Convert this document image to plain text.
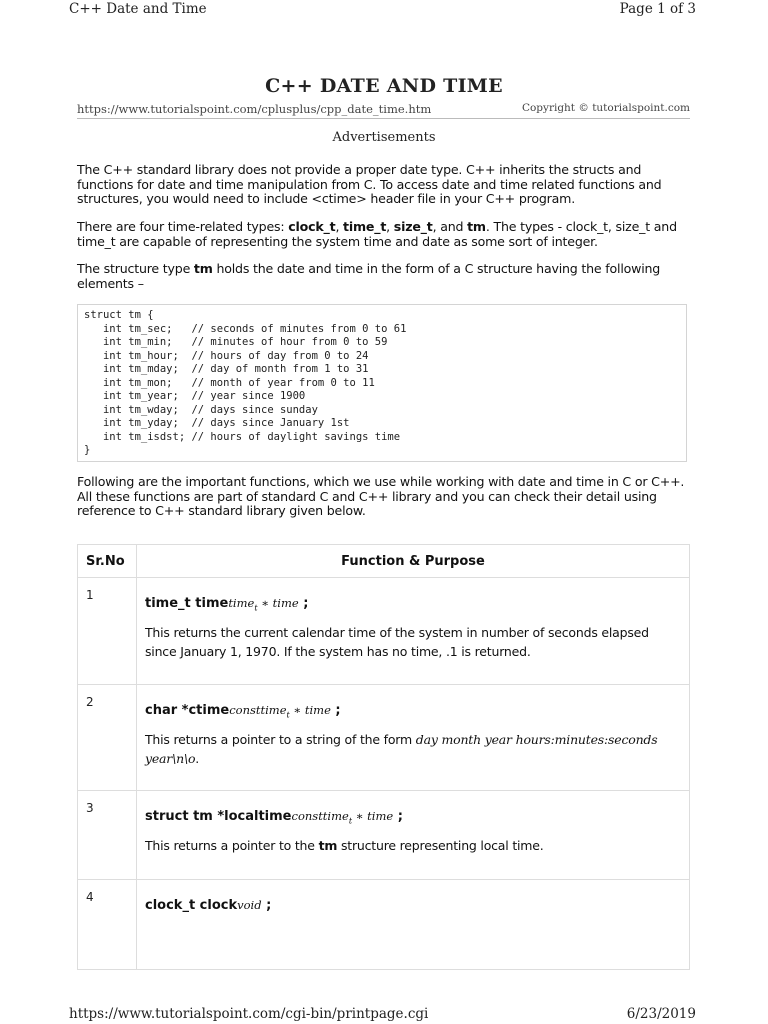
C++ Date and Time	Page 1 of 3
C++ DATE AND TIME
https://www.tutorialspoint.com/cplusplus/cpp_date_time.htm	Copyright © tutorialspoint.com
Advertisements
The C++ standard library does not provide a proper date type. C++ inherits the structs and functions for date and time manipulation from C. To access date and time related functions and structures, you would need to include <ctime> header file in your C++ program.
There are four time-related types: clock_t, time_t, size_t, and tm. The types - clock_t, size_t and time_t are capable of representing the system time and date as some sort of integer.
The structure type tm holds the date and time in the form of a C structure having the following elements –
struct tm {
int tm_sec;   // seconds of minutes from 0 to 61
int tm_min;   // minutes of hour from 0 to 59
int tm_hour;  // hours of day from 0 to 24
int tm_mday;  // day of month from 1 to 31
int tm_mon;   // month of year from 0 to 11
int tm_year;  // year since 1900
int tm_wday;  // days since sunday
int tm_yday;  // days since January 1st
int tm_isdst; // hours of daylight savings time
}
Following are the important functions, which we use while working with date and time in C or C++. All these functions are part of standard C and C++ library and you can check their detail using reference to C++ standard library given below.
Sr.No	Function & Purpose
1	time_t timetime$_t$ ∗ time ;
This returns the current calendar time of the system in number of seconds elapsed since January 1, 1970. If the system has no time, .1 is returned.

2	char *ctimeconsttime$_t$ ∗ time ;
This returns a pointer to a string of the form day month year hours:minutes:seconds year\n\o.

3	struct tm *localtimeconsttime$_t$ ∗ time ;
This returns a pointer to the tm structure representing local time.

4	clock_t clockvoid ;
https://www.tutorialspoint.com/cgi-bin/printpage.cgi	6/23/2019
